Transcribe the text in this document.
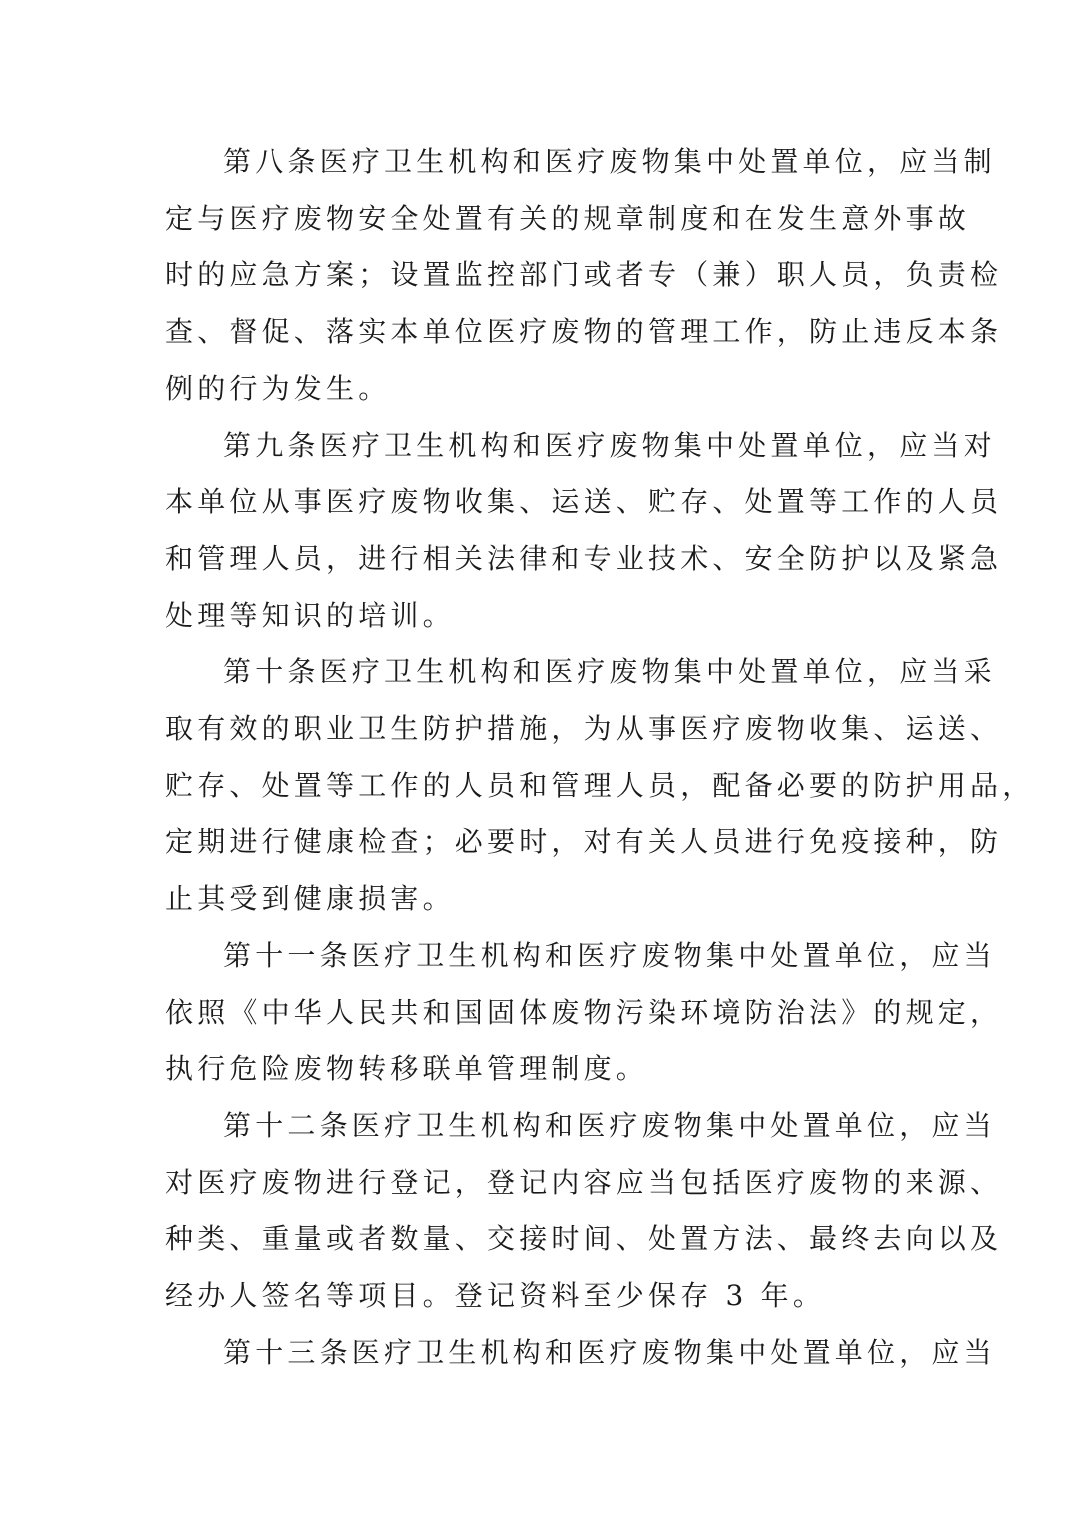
第八条医疗卫生机构和医疗废物集中处置单位，应当制
定与医疗废物安全处置有关的规章制度和在发生意外事故
时的应急方案；设置监控部门或者专（兼）职人员，负责检
查、督促、落实本单位医疗废物的管理工作，防止违反本条
例的行为发生。
第九条医疗卫生机构和医疗废物集中处置单位，应当对
本单位从事医疗废物收集、运送、贮存、处置等工作的人员
和管理人员，进行相关法律和专业技术、安全防护以及紧急
处理等知识的培训。
第十条医疗卫生机构和医疗废物集中处置单位，应当采
取有效的职业卫生防护措施，为从事医疗废物收集、运送、
贮存、处置等工作的人员和管理人员，配备必要的防护用品，
定期进行健康检查；必要时，对有关人员进行免疫接种，防
止其受到健康损害。
第十一条医疗卫生机构和医疗废物集中处置单位，应当
依照《中华人民共和国固体废物污染环境防治法》的规定，
执行危险废物转移联单管理制度。
第十二条医疗卫生机构和医疗废物集中处置单位，应当
对医疗废物进行登记，登记内容应当包括医疗废物的来源、
种类、重量或者数量、交接时间、处置方法、最终去向以及
经办人签名等项目。登记资料至少保存 3 年。
第十三条医疗卫生机构和医疗废物集中处置单位，应当
